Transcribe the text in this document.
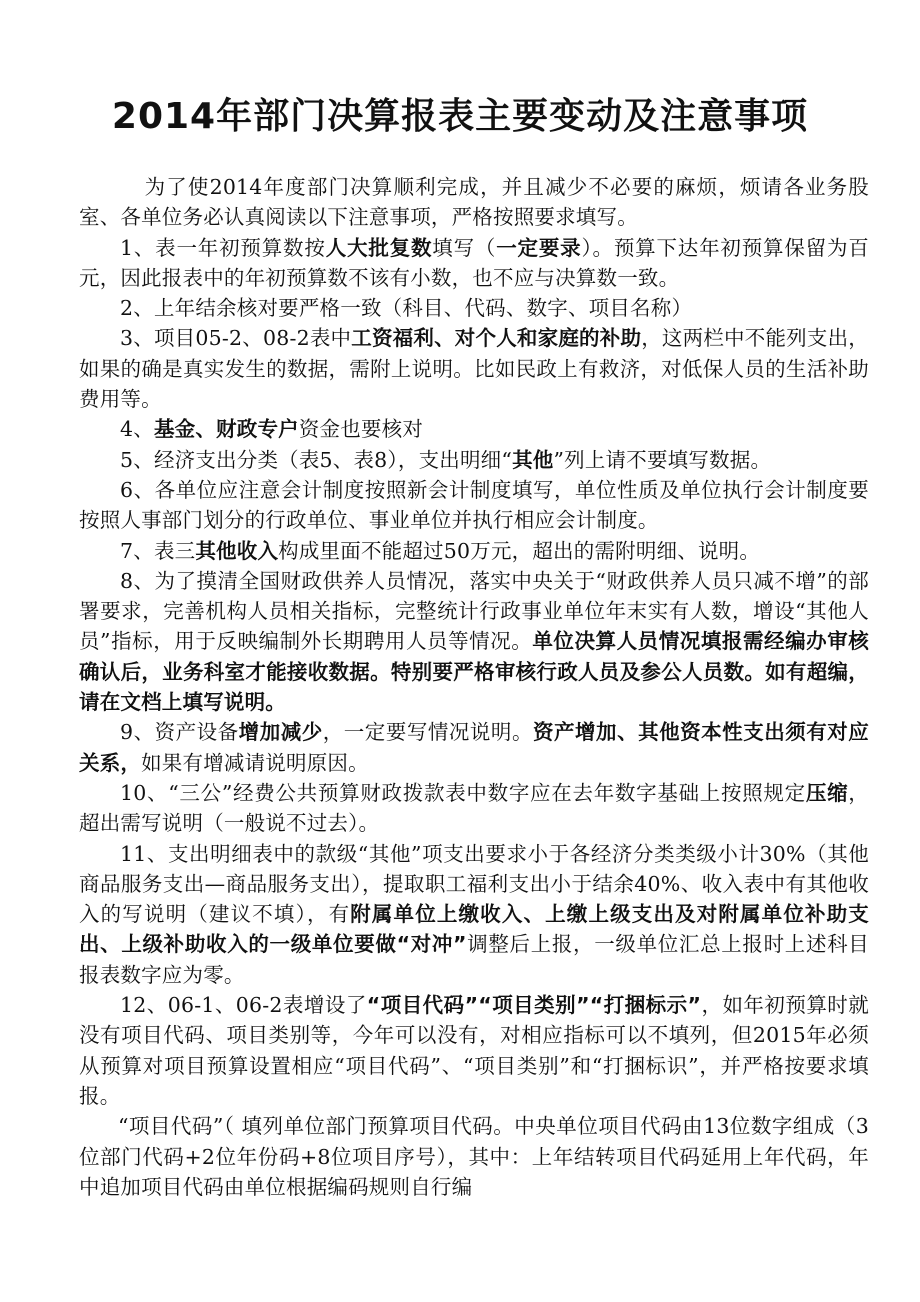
2014年部门决算报表主要变动及注意事项

为了使2014年度部门决算顺利完成，并且减少不必要的麻烦，烦请各业务股室、各单位务必认真阅读以下注意事项，严格按照要求填写。

1、表一年初预算数按人大批复数填写（一定要录）。预算下达年初预算保留为百元，因此报表中的年初预算数不该有小数，也不应与决算数一致。

2、上年结余核对要严格一致（科目、代码、数字、项目名称）

3、项目05-2、08-2表中工资福利、对个人和家庭的补助，这两栏中不能列支出，如果的确是真实发生的数据，需附上说明。比如民政上有救济，对低保人员的生活补助费用等。

4、基金、财政专户资金也要核对

5、经济支出分类（表5、表8），支出明细“其他”列上请不要填写数据。

6、各单位应注意会计制度按照新会计制度填写，单位性质及单位执行会计制度要按照人事部门划分的行政单位、事业单位并执行相应会计制度。

7、表三其他收入构成里面不能超过50万元，超出的需附明细、说明。

8、为了摸清全国财政供养人员情况，落实中央关于“财政供养人员只减不增”的部署要求，完善机构人员相关指标，完整统计行政事业单位年末实有人数，增设“其他人员”指标，用于反映编制外长期聘用人员等情况。单位决算人员情况填报需经编办审核确认后，业务科室才能接收数据。特别要严格审核行政人员及参公人员数。如有超编，请在文档上填写说明。

9、资产设备增加减少，一定要写情况说明。资产增加、其他资本性支出须有对应关系，如果有增减请说明原因。

10、“三公”经费公共预算财政拨款表中数字应在去年数字基础上按照规定压缩，超出需写说明（一般说不过去）。

11、支出明细表中的款级“其他”项支出要求小于各经济分类类级小计30%（其他商品服务支出—商品服务支出），提取职工福利支出小于结余40%、收入表中有其他收入的写说明（建议不填），有附属单位上缴收入、上缴上级支出及对附属单位补助支出、上级补助收入的一级单位要做“对冲”调整后上报，一级单位汇总上报时上述科目报表数字应为零。

12、06-1、06-2表增设了“项目代码”“项目类别”“打捆标示”，如年初预算时就没有项目代码、项目类别等，今年可以没有，对相应指标可以不填列，但2015年必须从预算对项目预算设置相应“项目代码”、“项目类别”和“打捆标识”，并严格按要求填报。

“项目代码”（ 填列单位部门预算项目代码。中央单位项目代码由13位数字组成（3位部门代码+2位年份码+8位项目序号），其中：上年结转项目代码延用上年代码，年中追加项目代码由单位根据编码规则自行编
